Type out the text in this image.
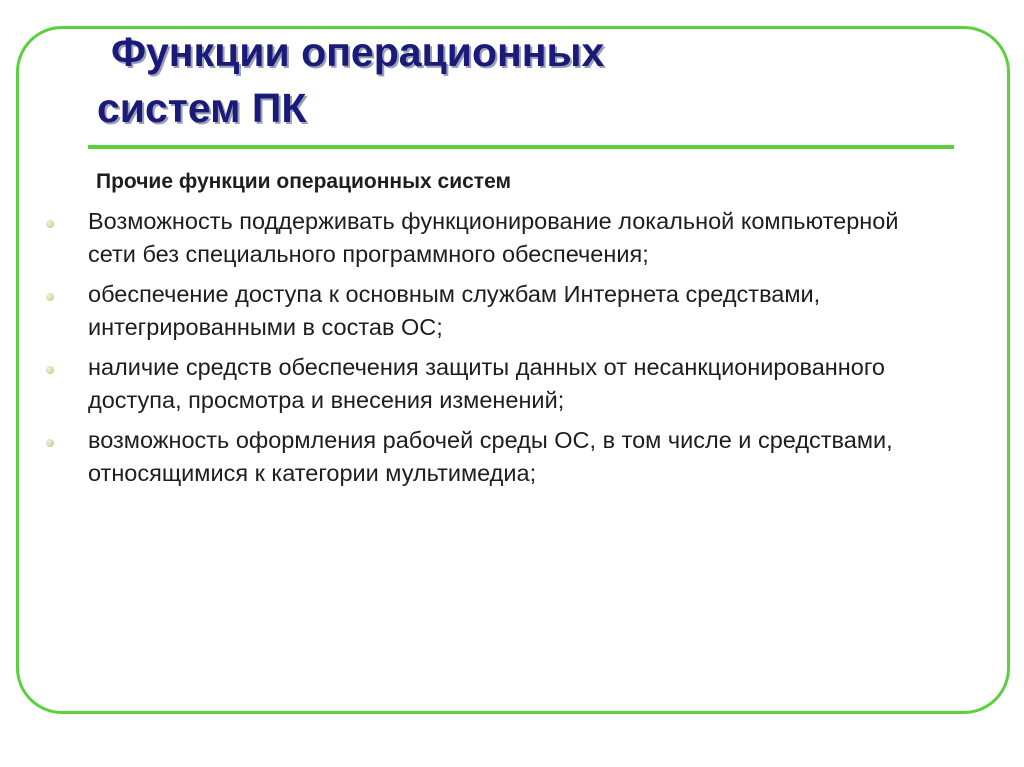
Функции операционных
систем ПК

Прочие функции операционных систем

Возможность поддерживать функционирование локальной компьютерной сети без специального программного обеспечения;
обеспечение доступа к основным службам Интернета средствами, интегрированными в состав ОС;
наличие средств обеспечения защиты данных от несанкционированного доступа, просмотра и внесения изменений;
возможность оформления рабочей среды ОС, в том числе и средствами, относящимися к категории мультимедиа;
